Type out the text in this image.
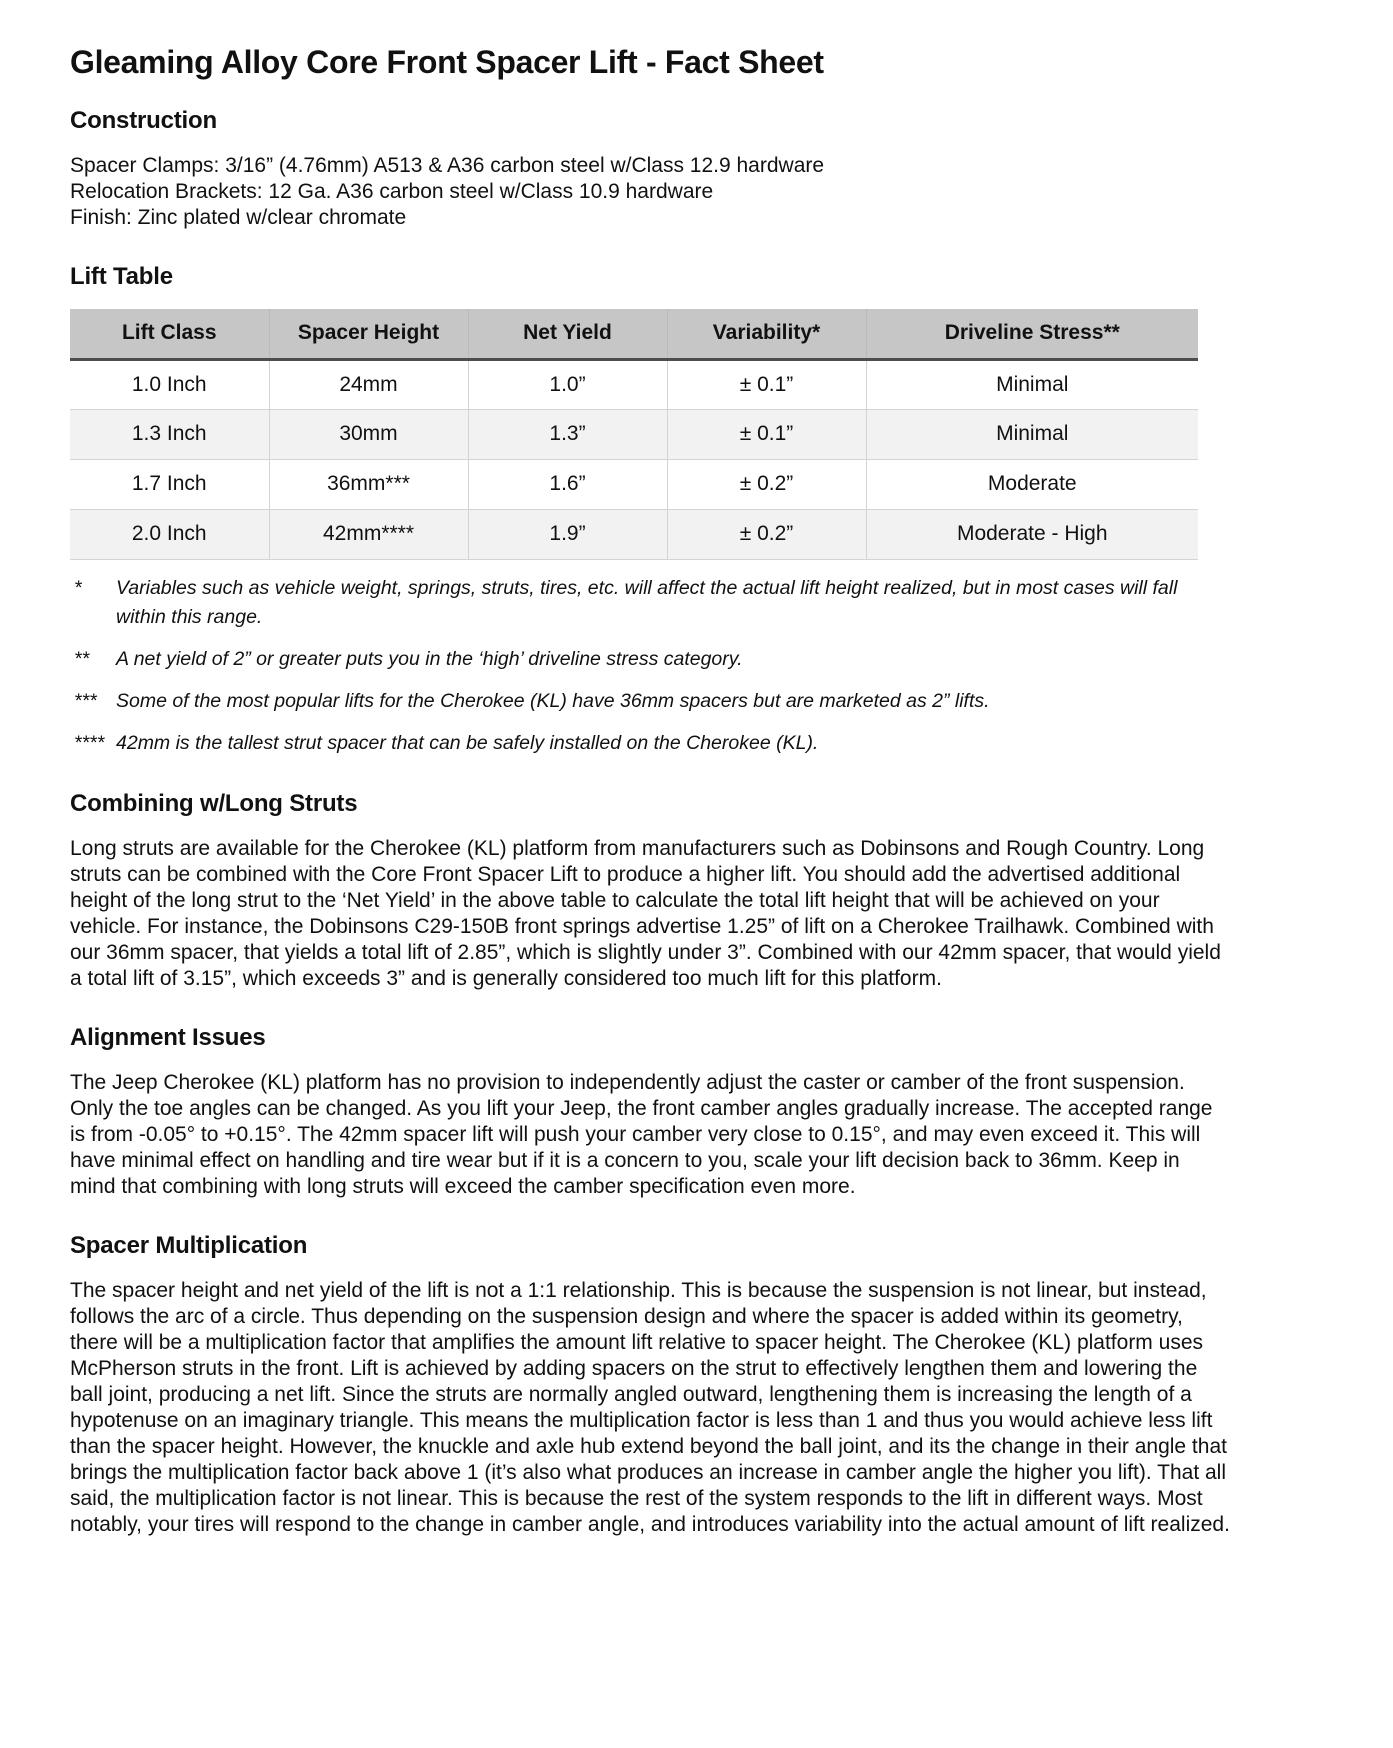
Gleaming Alloy Core Front Spacer Lift - Fact Sheet
Construction
Spacer Clamps: 3/16” (4.76mm) A513 & A36 carbon steel w/Class 12.9 hardware
Relocation Brackets: 12 Ga. A36 carbon steel w/Class 10.9 hardware
Finish: Zinc plated w/clear chromate
Lift Table
Lift Class	Spacer Height	Net Yield	Variability*	Driveline Stress**
1.0 Inch	24mm	1.0”	± 0.1”	Minimal
1.3 Inch	30mm	1.3”	± 0.1”	Minimal
1.7 Inch	36mm***	1.6”	± 0.2”	Moderate
2.0 Inch	42mm****	1.9”	± 0.2”	Moderate - High
*	Variables such as vehicle weight, springs, struts, tires, etc. will affect the actual lift height realized, but in most cases will fall within this range.
**	A net yield of 2” or greater puts you in the ‘high’ driveline stress category.
*** Some of the most popular lifts for the Cherokee (KL) have 36mm spacers but are marketed as 2” lifts.
**** 42mm is the tallest strut spacer that can be safely installed on the Cherokee (KL).
Combining w/Long Struts

Long struts are available for the Cherokee (KL) platform from manufacturers such as Dobinsons and Rough Country. Long struts can be combined with the Core Front Spacer Lift to produce a higher lift. You should add the advertised additional height of the long strut to the ‘Net Yield’ in the above table to calculate the total lift height that will be achieved on your vehicle. For instance, the Dobinsons C29-150B front springs advertise 1.25” of lift on a Cherokee Trailhawk. Combined with our 36mm spacer, that yields a total lift of 2.85”, which is slightly under 3”. Combined with our 42mm spacer, that would yield a total lift of 3.15”, which exceeds 3” and is generally considered too much lift for this platform.

Alignment Issues

The Jeep Cherokee (KL) platform has no provision to independently adjust the caster or camber of the front suspension. Only the toe angles can be changed. As you lift your Jeep, the front camber angles gradually increase. The accepted range is from -0.05° to +0.15°. The 42mm spacer lift will push your camber very close to 0.15°, and may even exceed it. This will have minimal effect on handling and tire wear but if it is a concern to you, scale your lift decision back to 36mm. Keep in mind that combining with long struts will exceed the camber specification even more.

Spacer Multiplication

The spacer height and net yield of the lift is not a 1:1 relationship. This is because the suspension is not linear, but instead, follows the arc of a circle. Thus depending on the suspension design and where the spacer is added within its geometry, there will be a multiplication factor that amplifies the amount lift relative to spacer height. The Cherokee (KL) platform uses McPherson struts in the front. Lift is achieved by adding spacers on the strut to effectively lengthen them and lowering the ball joint, producing a net lift. Since the struts are normally angled outward, lengthening them is increasing the length of a hypotenuse on an imaginary triangle. This means the multiplication factor is less than 1 and thus you would achieve less lift than the spacer height. However, the knuckle and axle hub extend beyond the ball joint, and its the change in their angle that brings the multiplication factor back above 1 (it’s also what produces an increase in camber angle the higher you lift). That all said, the multiplication factor is not linear. This is because the rest of the system responds to the lift in different ways. Most notably, your tires will respond to the change in camber angle, and introduces variability into the actual amount of lift realized.
